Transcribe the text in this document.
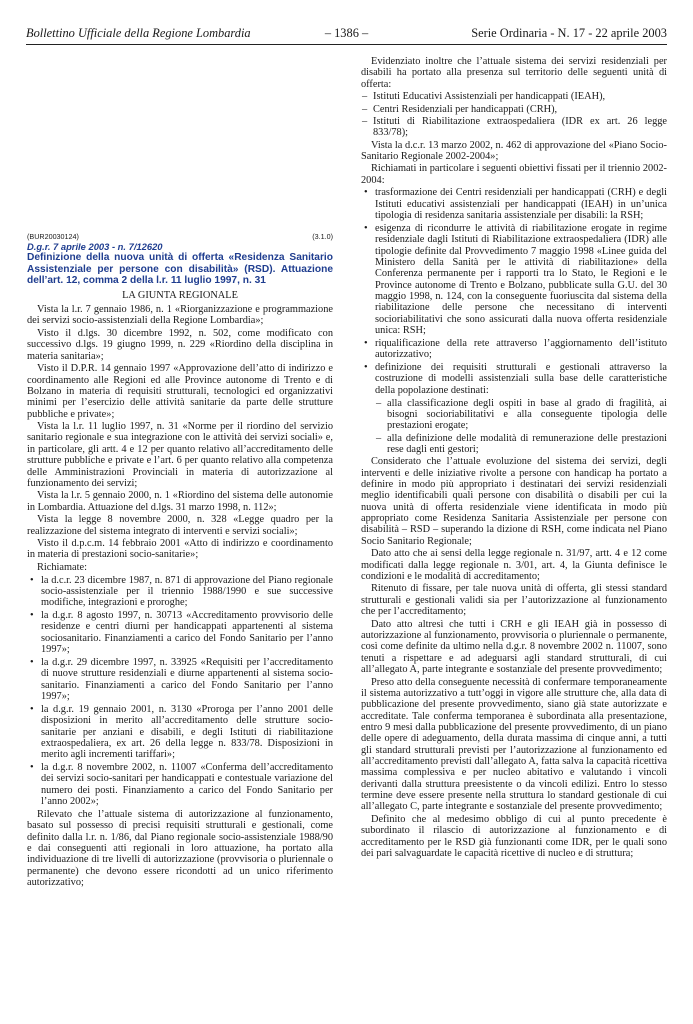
Bollettino Ufficiale della Regione Lombardia	– 1386 –	Serie Ordinaria - N. 17 - 22 aprile 2003
(BUR20030124)	(3.1.0)
D.g.r. 7 aprile 2003 - n. 7/12620
Definizione della nuova unità di offerta «Residenza Sanitario Assistenziale per persone con disabilità» (RSD). Attuazione dell’art. 12, comma 2 della l.r. 11 luglio 1997, n. 31
LA GIUNTA REGIONALE

Vista la l.r. 7 gennaio 1986, n. 1 «Riorganizzazione e programmazione dei servizi socio-assistenziali della Regione Lombardia»;

Visto il d.lgs. 30 dicembre 1992, n. 502, come modificato con successivo d.lgs. 19 giugno 1999, n. 229 «Riordino della disciplina in materia sanitaria»;

Visto il D.P.R. 14 gennaio 1997 «Approvazione dell’atto di indirizzo e coordinamento alle Regioni ed alle Province autonome di Trento e di Bolzano in materia di requisiti strutturali, tecnologici ed organizzativi minimi per l’esercizio delle attività sanitarie da parte delle strutture pubbliche e private»;

Vista la l.r. 11 luglio 1997, n. 31 «Norme per il riordino del servizio sanitario regionale e sua integrazione con le attività dei servizi sociali» e, in particolare, gli artt. 4 e 12 per quanto relativo all’accreditamento delle strutture pubbliche e private e l’art. 6 per quanto relativo alla competenza delle Amministrazioni Provinciali in materia di autorizzazione al funzionamento dei servizi;

Vista la l.r. 5 gennaio 2000, n. 1 «Riordino del sistema delle autonomie in Lombardia. Attuazione del d.lgs. 31 marzo 1998, n. 112»;

Vista la legge 8 novembre 2000, n. 328 «Legge quadro per la realizzazione del sistema integrato di interventi e servizi sociali»;

Visto il d.p.c.m. 14 febbraio 2001 «Atto di indirizzo e coordinamento in materia di prestazioni socio-sanitarie»;

Richiamate:

• la d.c.r. 23 dicembre 1987, n. 871 di approvazione del Piano regionale socio-assistenziale per il triennio 1988/1990 e sue successive modifiche, integrazioni e proroghe;
• la d.g.r. 8 agosto 1997, n. 30713 «Accreditamento provvisorio delle residenze e centri diurni per handicappati appartenenti al sistema sociosanitario. Finanziamenti a carico del Fondo Sanitario per l’anno 1997»;
• la d.g.r. 29 dicembre 1997, n. 33925 «Requisiti per l’accreditamento di nuove strutture residenziali e diurne appartenenti al sistema socio-sanitario. Finanziamenti a carico del Fondo Sanitario per l’anno 1997»;
• la d.g.r. 19 gennaio 2001, n. 3130 «Proroga per l’anno 2001 delle disposizioni in merito all’accreditamento delle strutture socio-sanitarie per anziani e disabili, e degli Istituti di riabilitazione extraospedaliera, ex art. 26 della legge n. 833/78. Disposizioni in merito agli incrementi tariffari»;
• la d.g.r. 8 novembre 2002, n. 11007 «Conferma dell’accreditamento dei servizi socio-sanitari per handicappati e contestuale variazione del numero dei posti. Finanziamento a carico del Fondo Sanitario per l’anno 2002»;

Rilevato che l’attuale sistema di autorizzazione al funzionamento, basato sul possesso di precisi requisiti strutturali e gestionali, come definito dalla l.r. n. 1/86, dal Piano regionale socio-assistenziale 1988/90 e dai conseguenti atti regionali in loro attuazione, ha portato alla individuazione di tre livelli di autorizzazione (provvisoria o pluriennale o permanente) che devono essere ricondotti ad un unico riferimento autorizzativo;

Evidenziato inoltre che l’attuale sistema dei servizi residenziali per disabili ha portato alla presenza sul territorio delle seguenti unità di offerta:

– Istituti Educativi Assistenziali per handicappati (IEAH),
– Centri Residenziali per handicappati (CRH),
– Istituti di Riabilitazione extraospedaliera (IDR ex art. 26 legge 833/78);

Vista la d.c.r. 13 marzo 2002, n. 462 di approvazione del «Piano Socio-Sanitario Regionale 2002-2004»;

Richiamati in particolare i seguenti obiettivi fissati per il triennio 2002-2004:

• trasformazione dei Centri residenziali per handicappati (CRH) e degli Istituti educativi assistenziali per handicappati (IEAH) in un’unica tipologia di residenza sanitaria assistenziale per disabili: la RSH;
• esigenza di ricondurre le attività di riabilitazione erogate in regime residenziale dagli Istituti di Riabilitazione extraospedaliera (IDR) alle tipologie definite dal Provvedimento 7 maggio 1998 «Linee guida del Ministero della Sanità per le attività di riabilitazione» della Conferenza permanente per i rapporti tra lo Stato, le Regioni e le Province autonome di Trento e Bolzano, pubblicate sulla G.U. del 30 maggio 1998, n. 124, con la conseguente fuoriuscita dal sistema della riabilitazione delle persone che necessitano di interventi socioriabilitativi che sono assicurati dalla nuova offerta residenziale unica: RSH;
• riqualificazione della rete attraverso l’aggiornamento dell’istituto autorizzativo;
• definizione dei requisiti strutturali e gestionali attraverso la costruzione di modelli assistenziali sulla base delle caratteristiche della popolazione destinati:
– alla classificazione degli ospiti in base al grado di fragilità, ai bisogni socioriabilitativi e alla conseguente tipologia delle prestazioni erogate;
– alla definizione delle modalità di remunerazione delle prestazioni rese dagli enti gestori;

Considerato che l’attuale evoluzione del sistema dei servizi, degli interventi e delle iniziative rivolte a persone con handicap ha portato a definire in modo più appropriato i destinatari dei servizi residenziali meglio identificabili quali persone con disabilità o disabili per cui la nuova unità di offerta residenziale viene identificata in modo più appropriato come Residenza Sanitaria Assistenziale per persone con disabilità – RSD – superando la dizione di RSH, come indicata nel Piano Socio Sanitario Regionale;

Dato atto che ai sensi della legge regionale n. 31/97, artt. 4 e 12 come modificati dalla legge regionale n. 3/01, art. 4, la Giunta definisce le condizioni e le modalità di accreditamento;

Ritenuto di fissare, per tale nuova unità di offerta, gli stessi standard strutturali e gestionali validi sia per l’autorizzazione al funzionamento che per l’accreditamento;

Dato atto altresì che tutti i CRH e gli IEAH già in possesso di autorizzazione al funzionamento, provvisoria o pluriennale o permanente, così come definite da ultimo nella d.g.r. 8 novembre 2002 n. 11007, sono tenuti a rispettare e ad adeguarsi agli standard strutturali, di cui all’allegato A, parte integrante e sostanziale del presente provvedimento;

Preso atto della conseguente necessità di confermare temporaneamente il sistema autorizzativo a tutt’oggi in vigore alle strutture che, alla data di pubblicazione del presente provvedimento, siano già state autorizzate e accreditate. Tale conferma temporanea è subordinata alla presentazione, entro 9 mesi dalla pubblicazione del presente provvedimento, di un piano delle opere di adeguamento, della durata massima di cinque anni, a tutti gli standard strutturali previsti per l’autorizzazione al funzionamento ed all’accreditamento previsti dall’allegato A, fatta salva la capacità ricettiva massima complessiva e per nucleo abitativo e valutando i vincoli derivanti dalla struttura preesistente o da vincoli edilizi. Entro lo stesso termine deve essere presente nella struttura lo standard gestionale di cui all’allegato C, parte integrante e sostanziale del presente provvedimento;

Definito che al medesimo obbligo di cui al punto precedente è subordinato il rilascio di autorizzazione al funzionamento e di accreditamento per le RSD già funzionanti come IDR, per le quali sono dei pari salvaguardate le capacità ricettive di nucleo e di struttura;
